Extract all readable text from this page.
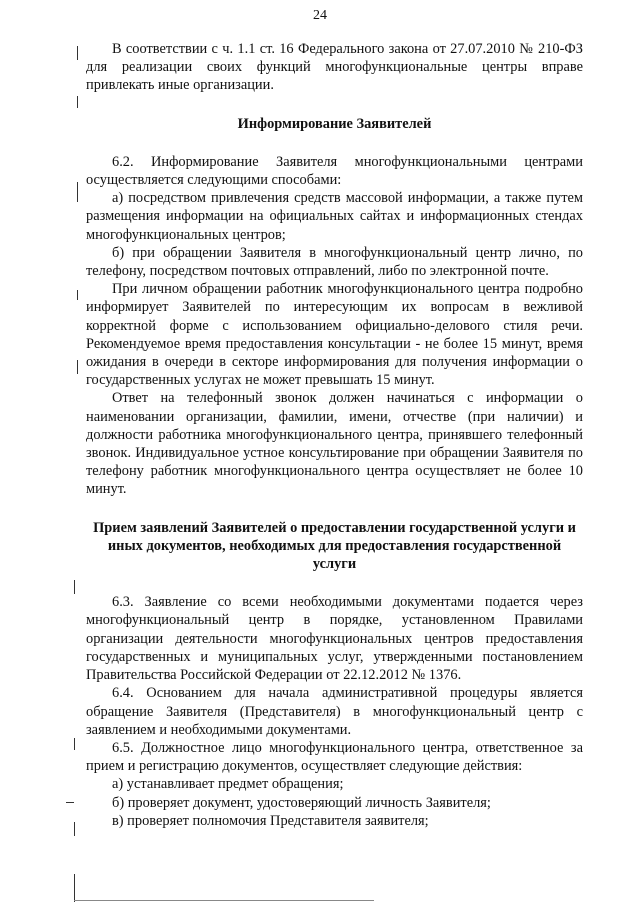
24

В соответствии с ч. 1.1 ст. 16 Федерального закона от 27.07.2010 № 210-ФЗ для реализации своих функций многофункциональные центры вправе привлекать иные организации.

Информирование Заявителей

6.2. Информирование Заявителя многофункциональными центрами осуществляется следующими способами:

а) посредством привлечения средств массовой информации, а также путем размещения информации на официальных сайтах и информационных стендах многофункциональных центров;

б) при обращении Заявителя в многофункциональный центр лично, по телефону, посредством почтовых отправлений, либо по электронной почте.

При личном обращении работник многофункционального центра подробно информирует Заявителей по интересующим их вопросам в вежливой корректной форме с использованием официально-делового стиля речи. Рекомендуемое время предоставления консультации - не более 15 минут, время ожидания в очереди в секторе информирования для получения информации о государственных услугах не может превышать 15 минут.

Ответ на телефонный звонок должен начинаться с информации о наименовании организации, фамилии, имени, отчестве (при наличии) и должности работника многофункционального центра, принявшего телефонный звонок. Индивидуальное устное консультирование при обращении Заявителя по телефону работник многофункционального центра осуществляет не более 10 минут.

Прием заявлений Заявителей о предоставлении государственной услуги и иных документов, необходимых для предоставления государственной услуги

6.3. Заявление со всеми необходимыми документами подается через многофункциональный центр в порядке, установленном Правилами организации деятельности многофункциональных центров предоставления государственных и муниципальных услуг, утвержденными постановлением Правительства Российской Федерации от 22.12.2012 № 1376.

6.4. Основанием для начала административной процедуры является обращение Заявителя (Представителя) в многофункциональный центр с заявлением и необходимыми документами.

6.5. Должностное лицо многофункционального центра, ответственное за прием и регистрацию документов, осуществляет следующие действия:

а) устанавливает предмет обращения;

б) проверяет документ, удостоверяющий личность Заявителя;

в) проверяет полномочия Представителя заявителя;
